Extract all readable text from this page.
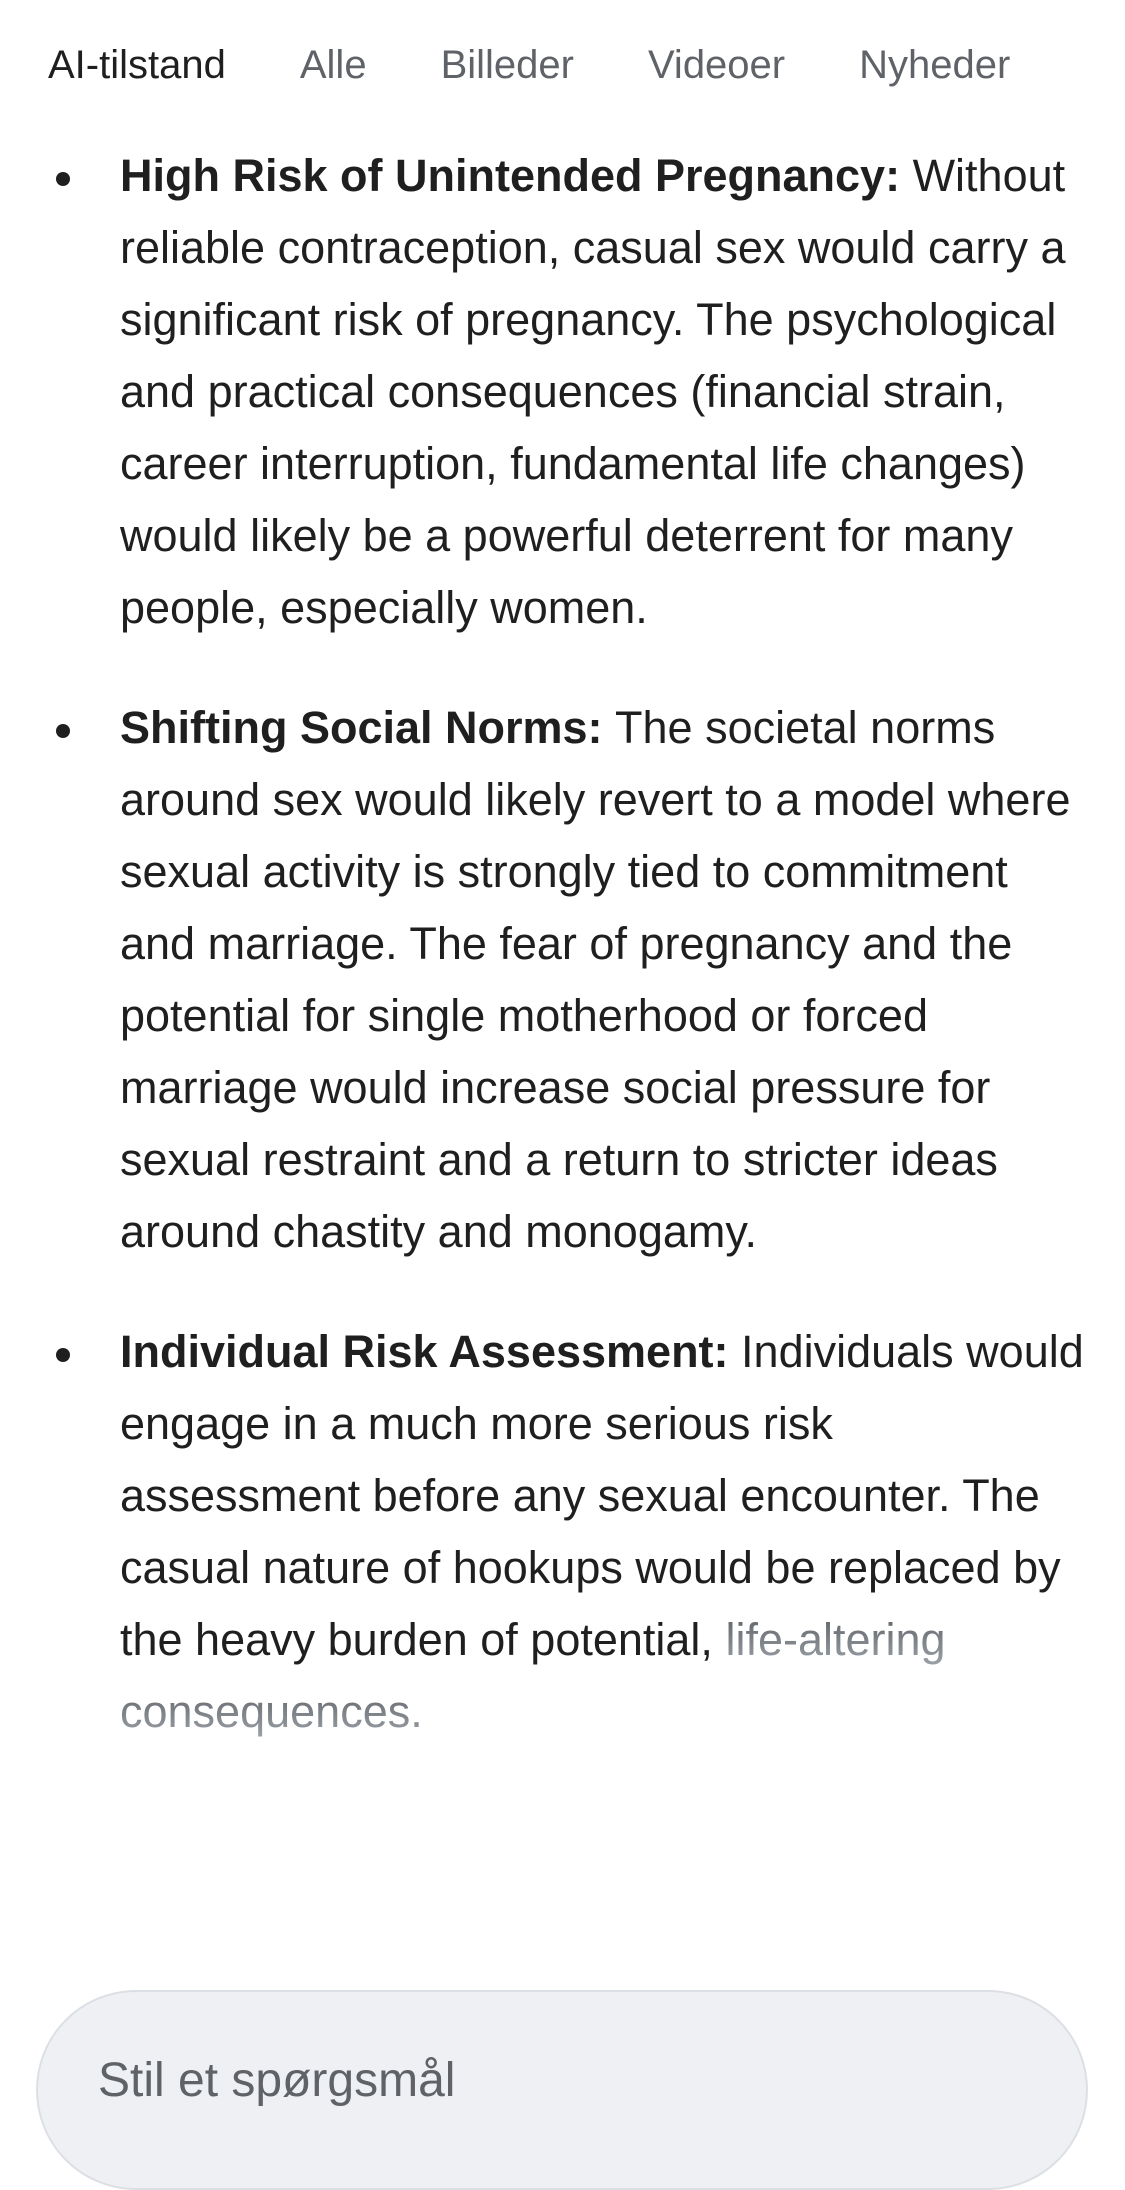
AI-tilstand Alle Billeder Videoer Nyheder
High Risk of Unintended Pregnancy: Without reliable contraception, casual sex would carry a significant risk of pregnancy. The psychological and practical consequences (financial strain, career interruption, fundamental life changes) would likely be a powerful deterrent for many people, especially women.
Shifting Social Norms: The societal norms around sex would likely revert to a model where sexual activity is strongly tied to commitment and marriage. The fear of pregnancy and the potential for single motherhood or forced marriage would increase social pressure for sexual restraint and a return to stricter ideas around chastity and monogamy.
Individual Risk Assessment: Individuals would engage in a much more serious risk assessment before any sexual encounter. The casual nature of hookups would be replaced by the heavy burden of potential, life-altering consequences.
Stil et spørgsmål
